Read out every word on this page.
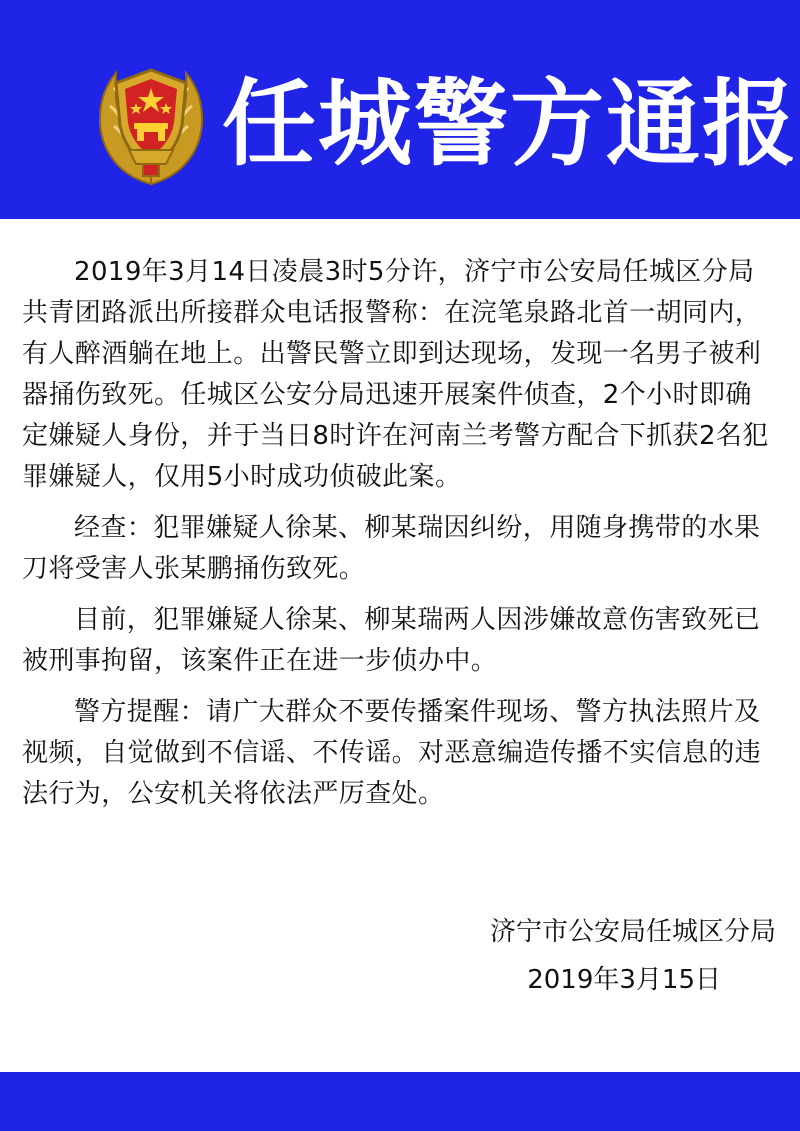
任城警方通报

2019年3月14日凌晨3时5分许，济宁市公安局任城区分局共青团路派出所接群众电话报警称：在浣笔泉路北首一胡同内，有人醉酒躺在地上。出警民警立即到达现场，发现一名男子被利器捅伤致死。任城区公安分局迅速开展案件侦查，2个小时即确定嫌疑人身份，并于当日8时许在河南兰考警方配合下抓获2名犯罪嫌疑人，仅用5小时成功侦破此案。

经查：犯罪嫌疑人徐某、柳某瑞因纠纷，用随身携带的水果刀将受害人张某鹏捅伤致死。

目前，犯罪嫌疑人徐某、柳某瑞两人因涉嫌故意伤害致死已被刑事拘留，该案件正在进一步侦办中。

警方提醒：请广大群众不要传播案件现场、警方执法照片及视频，自觉做到不信谣、不传谣。对恶意编造传播不实信息的违法行为，公安机关将依法严厉查处。

济宁市公安局任城区分局
2019年3月15日
